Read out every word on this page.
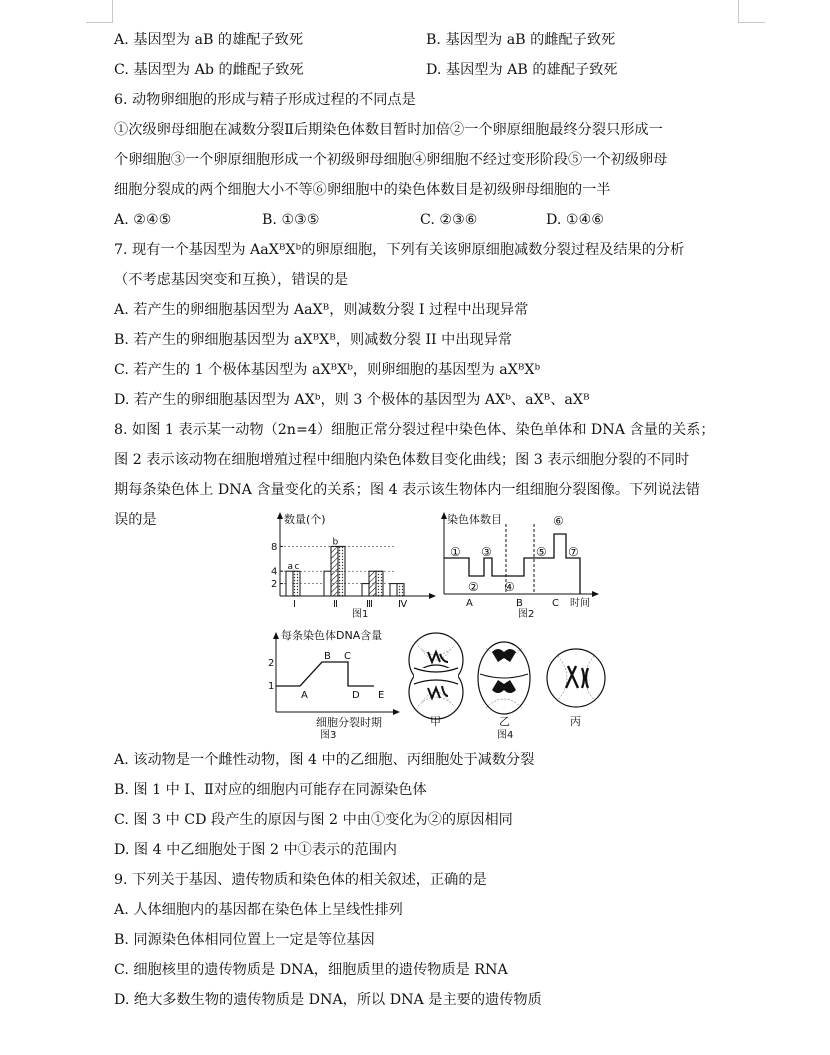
A. 基因型为 aB 的雄配子致死	B. 基因型为 aB 的雌配子致死
C. 基因型为 Ab 的雌配子致死	D. 基因型为 AB 的雄配子致死
6. 动物卵细胞的形成与精子形成过程的不同点是
①次级卵母细胞在减数分裂Ⅱ后期染色体数目暂时加倍②一个卵原细胞最终分裂只形成一
个卵细胞③一个卵原细胞形成一个初级卵母细胞④卵细胞不经过变形阶段⑤一个初级卵母
细胞分裂成的两个细胞大小不等⑥卵细胞中的染色体数目是初级卵母细胞的一半
A. ②④⑤	B. ①③⑤	C. ②③⑥	D. ①④⑥
7. 现有一个基因型为 AaXᴮXᵇ的卵原细胞，下列有关该卵原细胞减数分裂过程及结果的分析
（不考虑基因突变和互换），错误的是
A. 若产生的卵细胞基因型为 AaXᴮ，则减数分裂 I 过程中出现异常
B. 若产生的卵细胞基因型为 aXᴮXᴮ，则减数分裂 II 中出现异常
C. 若产生的 1 个极体基因型为 aXᴮXᵇ，则卵细胞的基因型为 aXᴮXᵇ
D. 若产生的卵细胞基因型为 AXᵇ，则 3 个极体的基因型为 AXᵇ、aXᴮ、aXᴮ
8. 如图 1 表示某一动物（2n=4）细胞正常分裂过程中染色体、染色单体和 DNA 含量的关系；
图 2 表示该动物在细胞增殖过程中细胞内染色体数目变化曲线；图 3 表示细胞分裂的不同时
期每条染色体上 DNA 含量变化的关系；图 4 表示该生物体内一组细胞分裂图像。下列说法错
误的是	数量(个)
2
4
8
a c
b
I	Ⅱ	Ⅲ	Ⅳ
图1
染色体数目
①
②
③
④
⑤
⑥
⑦
A	B	C 时间
图2
每条染色体DNA含量
1
2
A
B C
D E
细胞分裂时期
图3
甲	乙	丙
图4
A. 该动物是一个雌性动物，图 4 中的乙细胞、丙细胞处于减数分裂
B. 图 1 中 I、Ⅱ对应的细胞内可能存在同源染色体
C. 图 3 中 CD 段产生的原因与图 2 中由①变化为②的原因相同
D. 图 4 中乙细胞处于图 2 中①表示的范围内
9. 下列关于基因、遗传物质和染色体的相关叙述，正确的是
A. 人体细胞内的基因都在染色体上呈线性排列
B. 同源染色体相同位置上一定是等位基因
C. 细胞核里的遗传物质是 DNA，细胞质里的遗传物质是 RNA
D. 绝大多数生物的遗传物质是 DNA，所以 DNA 是主要的遗传物质
